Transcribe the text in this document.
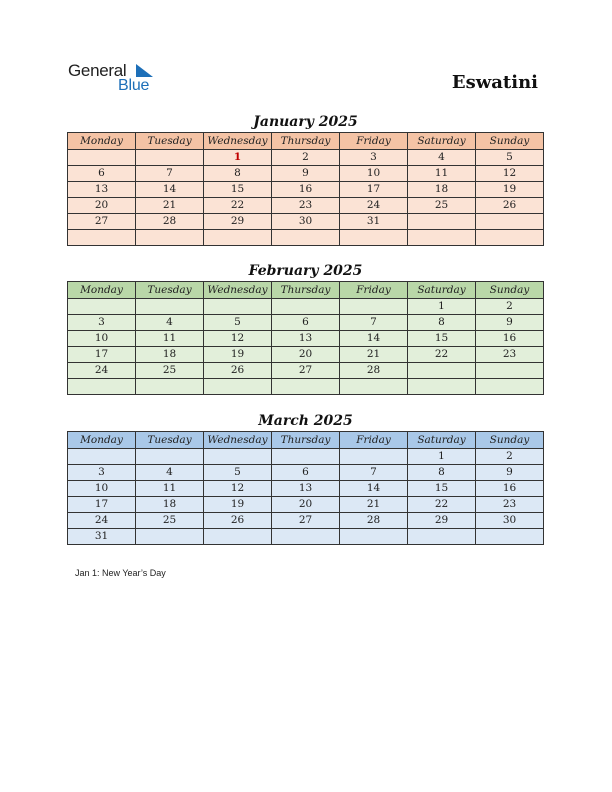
General
Blue	Eswatini
January 2025
Monday	Tuesday	Wednesday	Thursday	Friday	Saturday	Sunday
		1	2	3	4	5
6	7	8	9	10	11	12
13	14	15	16	17	18	19
20	21	22	23	24	25	26
27	28	29	30	31		

February 2025
Monday	Tuesday	Wednesday	Thursday	Friday	Saturday	Sunday
					1	2
3	4	5	6	7	8	9
10	11	12	13	14	15	16
17	18	19	20	21	22	23
24	25	26	27	28		

March 2025
Monday	Tuesday	Wednesday	Thursday	Friday	Saturday	Sunday
					1	2
3	4	5	6	7	8	9
10	11	12	13	14	15	16
17	18	19	20	21	22	23
24	25	26	27	28	29	30
31						
Jan 1: New Year’s Day
